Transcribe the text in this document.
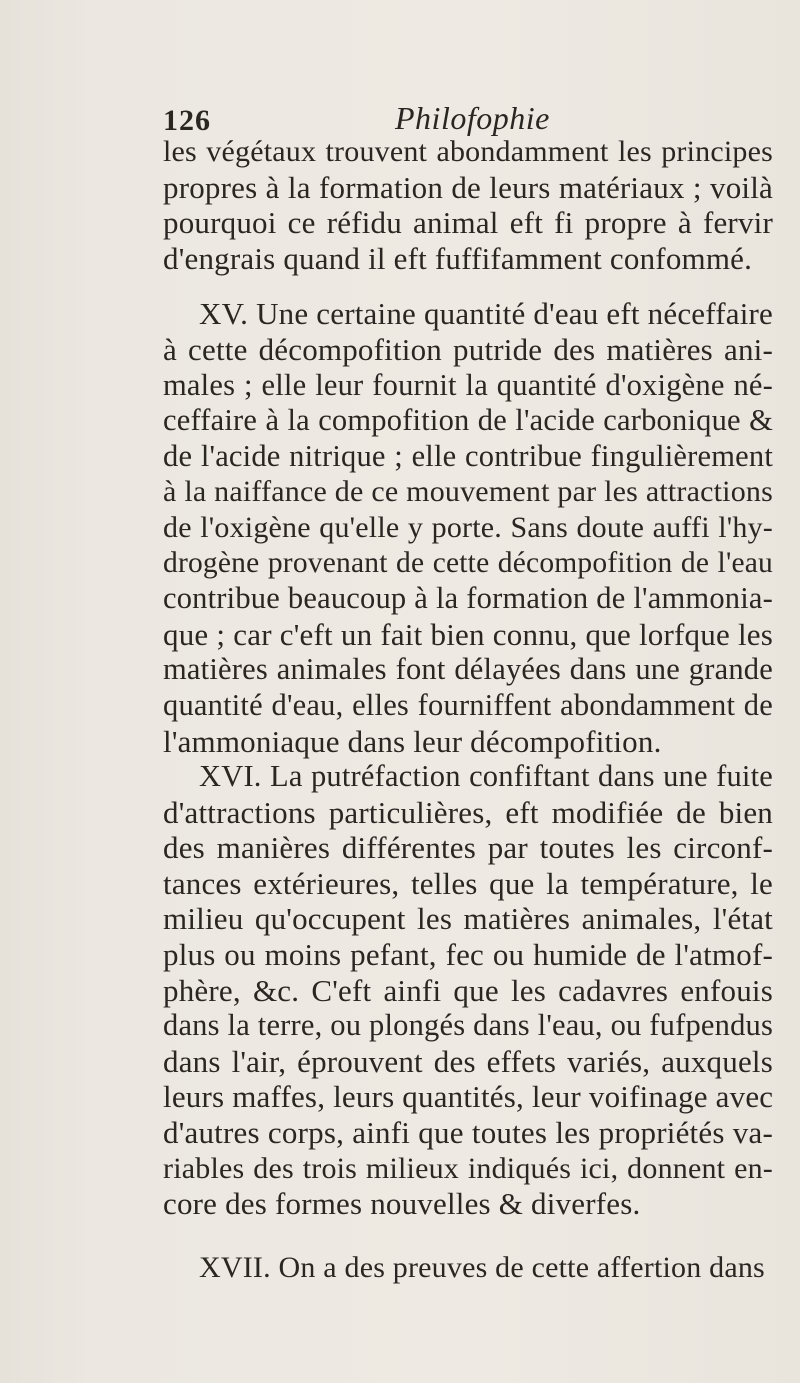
126	Philofophie
les végétaux trouvent abondamment les principes
propres à la formation de leurs matériaux ; voilà
pourquoi ce réfidu animal eft fi propre à fervir
d'engrais quand il eft fuffifamment confommé.
XV. Une certaine quantité d'eau eft néceffaire
à cette décompofition putride des matières ani-
males ; elle leur fournit la quantité d'oxigène né-
ceffaire à la compofition de l'acide carbonique &
de l'acide nitrique ; elle contribue fingulièrement
à la naiffance de ce mouvement par les attractions
de l'oxigène qu'elle y porte. Sans doute auffi l'hy-
drogène provenant de cette décompofition de l'eau
contribue beaucoup à la formation de l'ammonia-
que ; car c'eft un fait bien connu, que lorfque les
matières animales font délayées dans une grande
quantité d'eau, elles fourniffent abondamment de
l'ammoniaque dans leur décompofition.
XVI. La putréfaction confiftant dans une fuite
d'attractions particulières, eft modifiée de bien
des manières différentes par toutes les circonf-
tances extérieures, telles que la température, le
milieu qu'occupent les matières animales, l'état
plus ou moins pefant, fec ou humide de l'atmof-
phère, &c. C'eft ainfi que les cadavres enfouis
dans la terre, ou plongés dans l'eau, ou fufpendus
dans l'air, éprouvent des effets variés, auxquels
leurs maffes, leurs quantités, leur voifinage avec
d'autres corps, ainfi que toutes les propriétés va-
riables des trois milieux indiqués ici, donnent en-
core des formes nouvelles & diverfes.
XVII. On a des preuves de cette affertion dans
